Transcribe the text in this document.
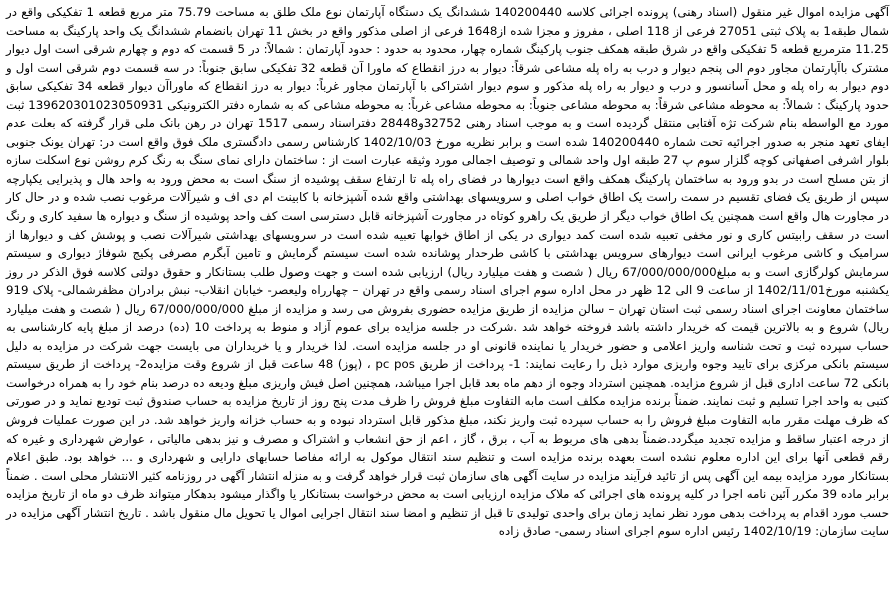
آگهی مزایده اموال غیر منقول (اسناد رهنی) پرونده اجرائی کلاسه 140200440 ششدانگ یک دستگاه آپارتمان نوع ملک طلق به مساحت 75.79 متر مربع قطعه 1 تفکیکی واقع در شمال طبقه1 به پلاک ثبتی 27051 فرعی از 118 اصلی ، مفروز و مجزا شده از1648 فرعی از اصلی مذکور واقع در بخش 11 تهران بانضمام ششدانگ یک واحد پارکینگ به مساحت 11.25 مترمربع قطعه 5 تفکیکی واقع در شرق طبقه همکف جنوب پارکینگ شماره چهار، محدود به حدود : حدود آپارتمان : شمالاً: در 5 قسمت که دوم و چهارم شرقی است اول دیوار مشترک باآپارتمان مجاور دوم الی پنجم دیوار و درب به راه پله مشاعی شرقاً: دیوار به درز انقطاع که ماورا آن قطعه 32 تفکیکی سابق جنوباً: در سه قسمت دوم شرقی است اول و دوم دیوار به راه پله و محل آسانسور و درب و دیوار به راه پله مذکور و سوم دیوار اشتراکی با آپارتمان مجاور غرباً: دیوار به درز انقطاع که ماوراآن دیوار قطعه 34 تفکیکی سابق حدود پارکینگ : شمالاً: به محوطه مشاعی شرقاً: به محوطه مشاعی جنوباً: به محوطه مشاعی غرباً: به محوطه مشاعی که به شماره دفتر الکترونیکی 139620301023050931 ثبت مورد مع الواسطه بنام شرکت تژه آفتابی منتقل گردیده است و به موجب اسناد رهنی 32752و28448 دفتراسناد رسمی 1517 تهران در رهن بانک ملی قرار گرفته که بعلت عدم ایفای تعهد منجر به صدور اجرائیه تحت شماره 140200440 شده است و برابر نظریه مورخ 1402/10/03 کارشناس رسمی دادگستری ملک فوق واقع است در: تهران یونک جنوبی بلوار اشرفی اصفهانی کوچه گلزار سوم پ 27 طبقه اول واحد شمالی و توصیف اجمالی مورد وثیقه عبارت است از : ساختمان دارای نمای سنگ به رنگ کرم روشن نوع اسکلت سازه از بتن مسلح است در بدو ورود به ساختمان پارکینگ همکف واقع است دیوارها در فضای راه پله تا ارتفاع سقف پوشیده از سنگ است به محض ورود به واحد هال و پذیرایی یکپارچه سپس از طریق یک فضای تقسیم در سمت راست یک اطاق خواب اصلی و سرویسهای بهداشتی واقع شده آشپزخانه با کابینت ام دی اف و شیرآلات مرغوب نصب شده و در حال کار در مجاورت هال واقع است همچنین یک اطاق خواب دیگر از طریق یک راهرو کوتاه در مجاورت آشپزخانه قابل دسترسی است کف واحد پوشیده از سنگ و دیواره ها سفید کاری و رنگ است در سقف رابیتس کاری و نور مخفی تعبیه شده است کمد دیواری در یکی از اطاق خوابها تعبیه شده است در سرویسهای بهداشتی شیرآلات نصب و پوشش کف و دیوارها از سرامیک و کاشی مرغوب ایرانی است دیوارهای سرویس بهداشتی با کاشی طرحدار پوشانده شده است سیستم گرمایش و تامین آبگرم مصرفی پکیج شوفاژ دیواری و سیستم سرمایش کولرگازی است و به مبلغ67/000/000/000 ریال ( شصت و هفت میلیارد ریال) ارزیابی شده است و جهت وصول طلب بستانکار و حقوق دولتی کلاسه فوق الذکر در روز یکشنبه مورخ1402/11/01 از ساعت 9 الی 12 ظهر در محل اداره سوم اجرای اسناد رسمی واقع در تهران – چهارراه ولیعصر- خیابان انقلاب- نبش برادران مظفرشمالی- پلاک 919 ساختمان معاونت اجرای اسناد رسمی ثبت استان تهران – سالن مزایده از طریق مزایده حضوری بفروش می رسد و مزایده از مبلغ 67/000/000/000 ریال ( شصت و هفت میلیارد ریال) شروع و به بالاترین قیمت که خریدار داشته باشد فروخته خواهد شد .شرکت در جلسه مزایده برای عموم آزاد و منوط به پرداخت 10 (ده) درصد از مبلغ پایه کارشناسی به حساب سپرده ثبت و تحت شناسه واریز اعلامی و حضور خریدار یا نماینده قانونی او در جلسه مزایده است. لذا خریدار و یا خریداران می بایست جهت شرکت در مزایده به دلیل سیستم بانکی مرکزی برای تایید وجوه واریزی موارد ذیل را رعایت نمایند: 1- پرداخت از طریق pc pos ، (پوز) 48 ساعت قبل از شروع وقت مزایده2- پرداخت از طریق سیستم بانکی 72 ساعت اداری قبل از شروع مزایده. همچنین استرداد وجوه از دهم ماه بعد قابل اجرا میباشد، همچنین اصل فیش واریزی مبلغ ودیعه ده درصد بنام خود را به همراه درخواست کتبی به واحد اجرا تسلیم و ثبت نمایند. ضمناً برنده مزایده مکلف است مابه التفاوت مبلغ فروش را ظرف مدت پنج روز از تاریخ مزایده به حساب صندوق ثبت تودیع نماید و در صورتی که ظرف مهلت مقرر مابه التفاوت مبلغ فروش را به حساب سپرده ثبت واریز نکند، مبلغ مذکور قابل استرداد نبوده و به حساب خزانه واریز خواهد شد. در این صورت عملیات فروش از درجه اعتبار ساقط و مزایده تجدید میگردد.ضمناً بدهی های مربوط به آب ، برق ، گاز ، اعم از حق انشعاب و اشتراک و مصرف و نیز بدهی مالیاتی ، عوارض شهرداری و غیره که رقم قطعی آنها برای این اداره معلوم نشده است بعهده برنده مزایده است و تنظیم سند انتقال موکول به ارائه مفاصا حسابهای دارایی و شهرداری و ... خواهد بود. طبق اعلام بستانکار مورد مزایده بیمه این آگهی پس از تائید فرآیند مزایده در سایت آگهی های سازمان ثبت قرار خواهد گرفت و به منزله انتشار آگهی در روزنامه کثیر الانتشار محلی است . ضمناً برابر ماده 39 مکرر آئین نامه اجرا در کلیه پرونده های اجرائی که ملاک مزایده ارزیابی است به محض درخواست بستانکار یا واگذار میشود بدهکار میتواند ظرف دو ماه از تاریخ مزایده حسب مورد اقدام به پرداخت بدهی مورد نظر نماید زمان برای واحدی تولیدی تا قبل از تنظیم و امضا سند انتقال اجرایی اموال یا تحویل مال منقول باشد . تاریخ انتشار آگهی مزایده در سایت سازمان: 1402/10/19 رئیس اداره سوم اجرای اسناد رسمی- صادق زاده
